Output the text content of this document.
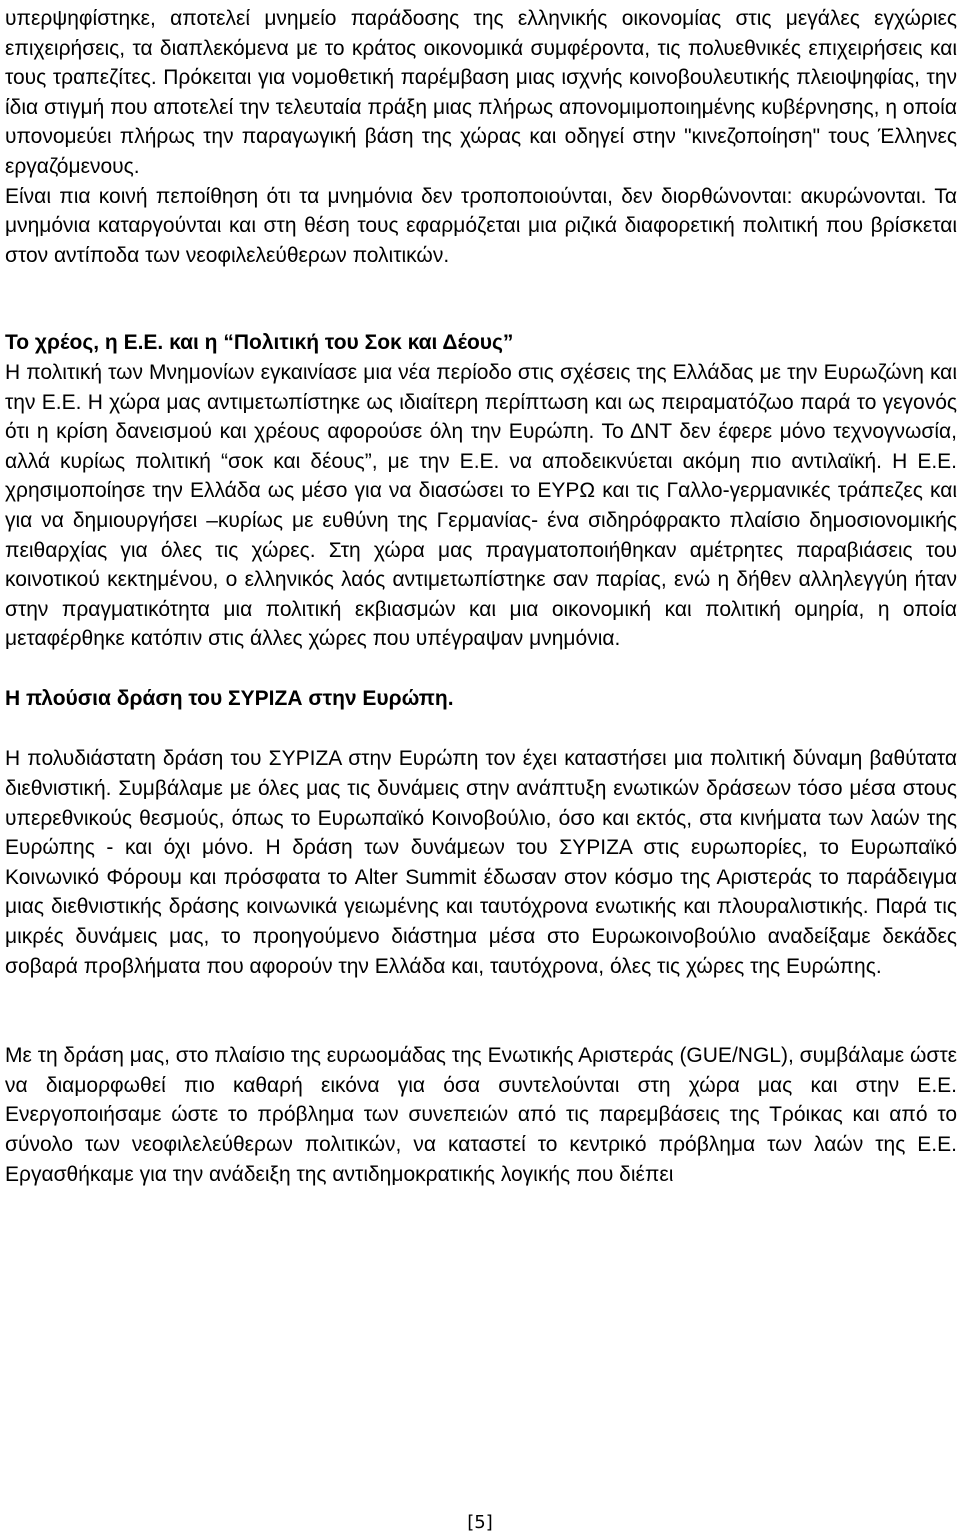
υπερψηφίστηκε, αποτελεί μνημείο παράδοσης της ελληνικής οικονομίας στις μεγάλες εγχώριες επιχειρήσεις, τα διαπλεκόμενα με το κράτος οικονομικά συμφέροντα, τις πολυεθνικές επιχειρήσεις και τους τραπεζίτες. Πρόκειται για νομοθετική παρέμβαση μιας ισχνής κοινοβουλευτικής πλειοψηφίας, την ίδια στιγμή που αποτελεί την τελευταία πράξη μιας πλήρως απονομιμοποιημένης κυβέρνησης, η οποία υπονομεύει πλήρως την παραγωγική βάση της χώρας και οδηγεί στην "κινεζοποίηση" τους Έλληνες εργαζόμενους.

Είναι πια κοινή πεποίθηση ότι τα μνημόνια δεν τροποποιούνται, δεν διορθώνονται: ακυρώνονται. Τα μνημόνια καταργούνται και στη θέση τους εφαρμόζεται μια ριζικά διαφορετική πολιτική που βρίσκεται στον αντίποδα των νεοφιλελεύθερων πολιτικών.

Το χρέος, η Ε.Ε. και η “Πολιτική του Σοκ και Δέους”

Η πολιτική των Μνημονίων εγκαινίασε μια νέα περίοδο στις σχέσεις της Ελλάδας με την Ευρωζώνη και την Ε.Ε. Η χώρα μας αντιμετωπίστηκε ως ιδιαίτερη περίπτωση και ως πειραματόζωο παρά το γεγονός ότι η κρίση δανεισμού και χρέους αφορούσε όλη την Ευρώπη. Το ΔΝΤ δεν έφερε μόνο τεχνογνωσία, αλλά κυρίως πολιτική “σοκ και δέους”, με την Ε.Ε. να αποδεικνύεται ακόμη πιο αντιλαϊκή. Η Ε.Ε. χρησιμοποίησε την Ελλάδα ως μέσο για να διασώσει το ΕΥΡΩ και τις Γαλλο-γερμανικές τράπεζες και για να δημιουργήσει –κυρίως με ευθύνη της Γερμανίας- ένα σιδηρόφρακτο πλαίσιο δημοσιονομικής πειθαρχίας για όλες τις χώρες. Στη χώρα μας πραγματοποιήθηκαν αμέτρητες παραβιάσεις του κοινοτικού κεκτημένου, ο ελληνικός λαός αντιμετωπίστηκε σαν παρίας, ενώ η δήθεν αλληλεγγύη ήταν στην πραγματικότητα μια πολιτική εκβιασμών και μια οικονομική και πολιτική ομηρία, η οποία μεταφέρθηκε κατόπιν στις άλλες χώρες που υπέγραψαν μνημόνια.

Η πλούσια δράση του ΣΥΡΙΖΑ στην Ευρώπη.

Η πολυδιάστατη δράση του ΣΥΡΙΖΑ στην Ευρώπη τον έχει καταστήσει μια πολιτική δύναμη βαθύτατα διεθνιστική. Συμβάλαμε με όλες μας τις δυνάμεις στην ανάπτυξη ενωτικών δράσεων τόσο μέσα στους υπερεθνικούς θεσμούς, όπως το Ευρωπαϊκό Κοινοβούλιο, όσο και εκτός, στα κινήματα των λαών της Ευρώπης - και όχι μόνο. Η δράση των δυνάμεων του ΣΥΡΙΖΑ στις ευρωπορίες, το Ευρωπαϊκό Κοινωνικό Φόρουμ και πρόσφατα το Alter Summit έδωσαν στον κόσμο της Αριστεράς το παράδειγμα μιας διεθνιστικής δράσης κοινωνικά γειωμένης και ταυτόχρονα ενωτικής και πλουραλιστικής. Παρά τις μικρές δυνάμεις μας, το προηγούμενο διάστημα μέσα στο Ευρωκοινοβούλιο αναδείξαμε δεκάδες σοβαρά προβλήματα που αφορούν την Ελλάδα και, ταυτόχρονα, όλες τις χώρες της Ευρώπης.

Με τη δράση μας, στο πλαίσιο της ευρωομάδας της Ενωτικής Αριστεράς (GUE/NGL), συμβάλαμε ώστε να διαμορφωθεί πιο καθαρή εικόνα για όσα συντελούνται στη χώρα μας και στην Ε.Ε. Ενεργοποιήσαμε ώστε το πρόβλημα των συνεπειών από τις παρεμβάσεις της Τρόικας και από το σύνολο των νεοφιλελεύθερων πολιτικών, να καταστεί το κεντρικό πρόβλημα των λαών της Ε.Ε. Εργασθήκαμε για την ανάδειξη της αντιδημοκρατικής λογικής που διέπει

[5]
